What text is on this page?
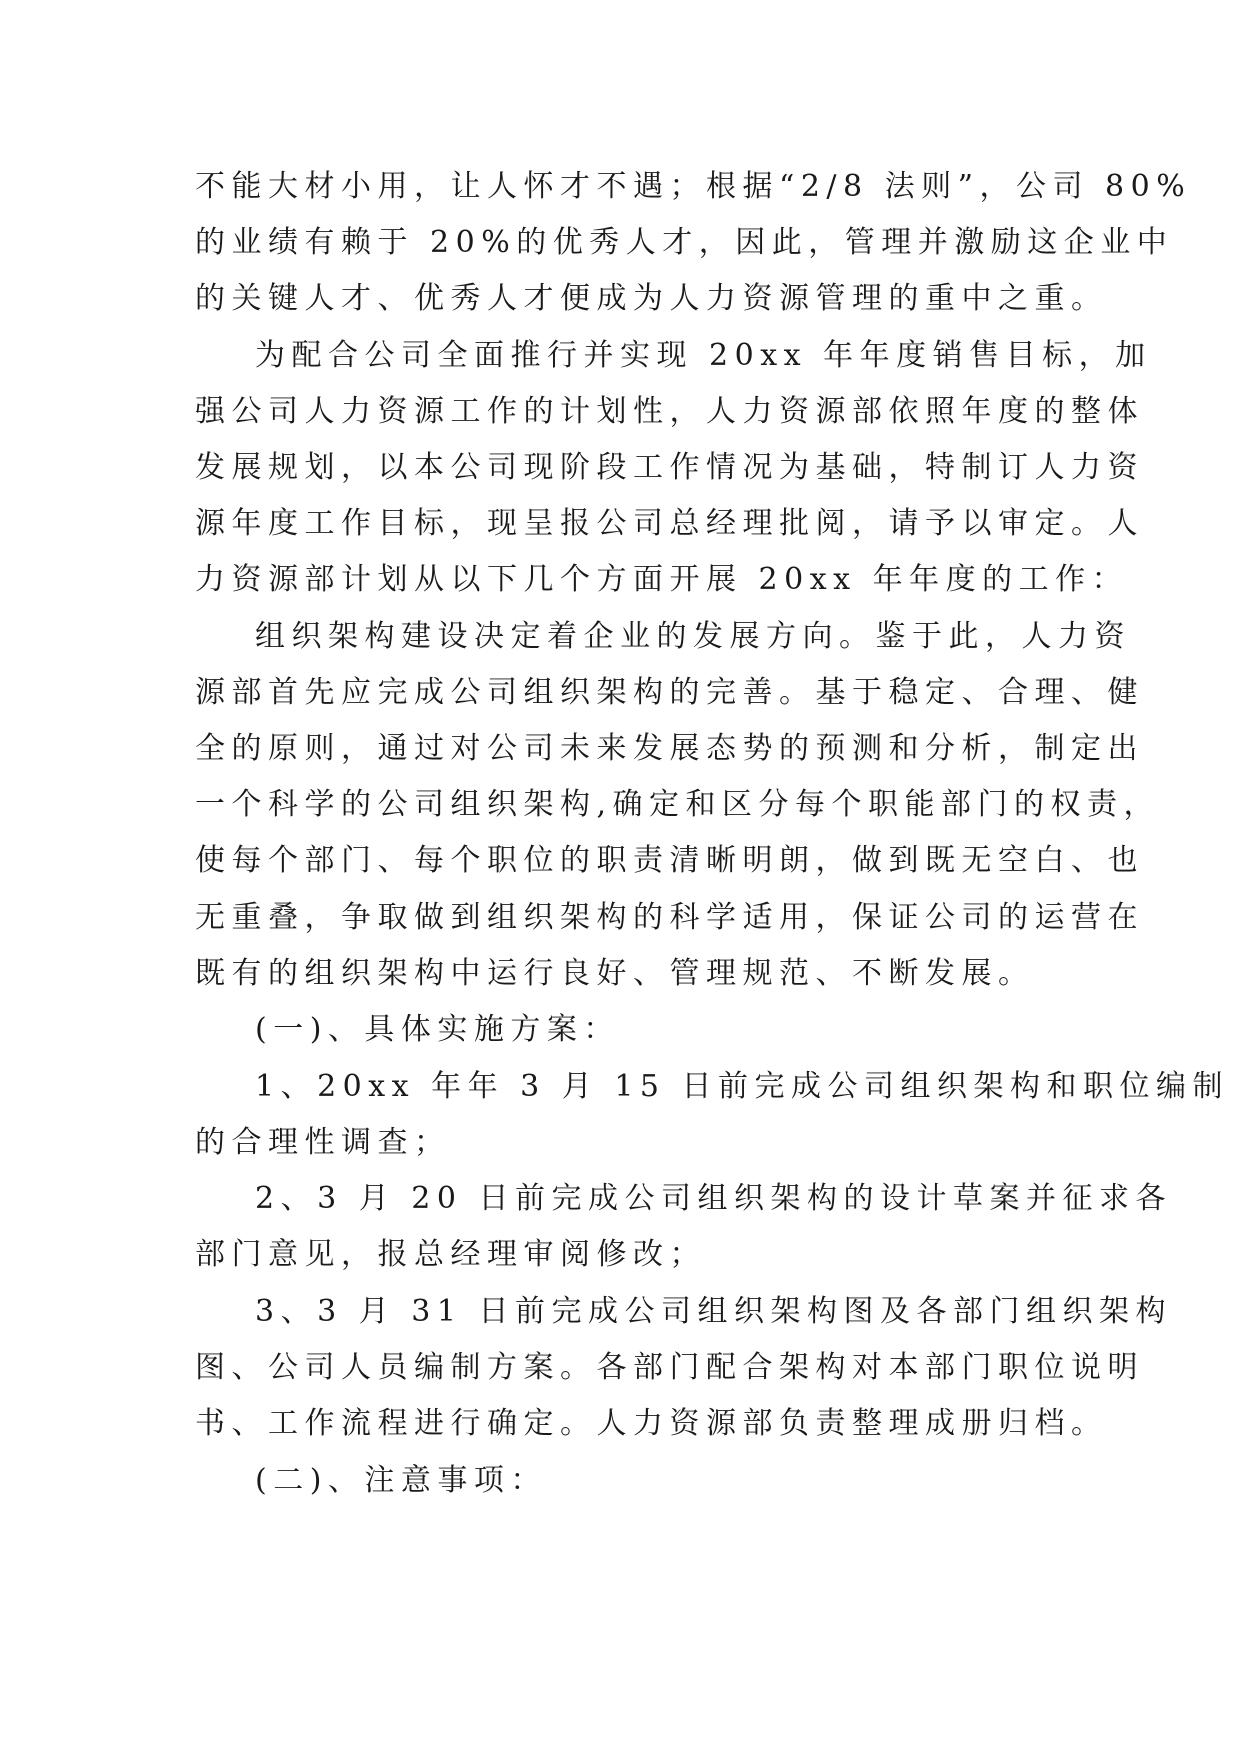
不能大材小用，让人怀才不遇；根据“2/8 法则”，公司 80%
的业绩有赖于 20%的优秀人才，因此，管理并激励这企业中
的关键人才、优秀人才便成为人力资源管理的重中之重。
为配合公司全面推行并实现 20xx 年年度销售目标，加
强公司人力资源工作的计划性，人力资源部依照年度的整体
发展规划，以本公司现阶段工作情况为基础，特制订人力资
源年度工作目标，现呈报公司总经理批阅，请予以审定。人
力资源部计划从以下几个方面开展 20xx 年年度的工作：
组织架构建设决定着企业的发展方向。鉴于此，人力资
源部首先应完成公司组织架构的完善。基于稳定、合理、健
全的原则，通过对公司未来发展态势的预测和分析，制定出
一个科学的公司组织架构,确定和区分每个职能部门的权责，
使每个部门、每个职位的职责清晰明朗，做到既无空白、也
无重叠，争取做到组织架构的科学适用，保证公司的运营在
既有的组织架构中运行良好、管理规范、不断发展。
(一)、具体实施方案：
1、20xx 年年 3 月 15 日前完成公司组织架构和职位编制
的合理性调查；
2、3 月 20 日前完成公司组织架构的设计草案并征求各
部门意见，报总经理审阅修改；
3、3 月 31 日前完成公司组织架构图及各部门组织架构
图、公司人员编制方案。各部门配合架构对本部门职位说明
书、工作流程进行确定。人力资源部负责整理成册归档。
(二)、注意事项：
